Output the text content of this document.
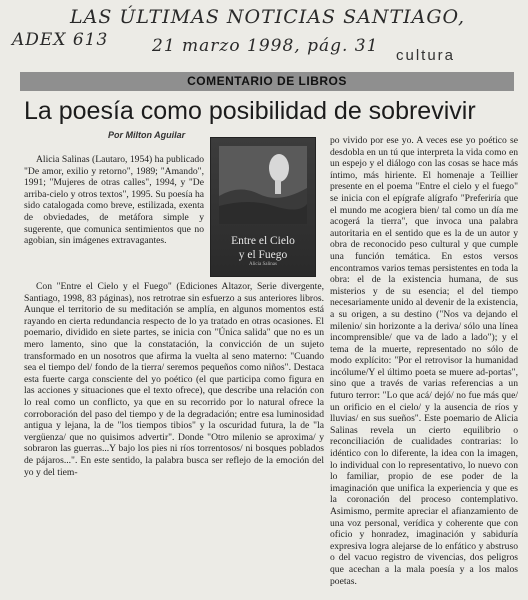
LAS ÚLTIMAS NOTICIAS SANTIAGO,
ADEX 613	21 marzo 1998, pág. 31 cultura
COMENTARIO DE LIBROS
La poesía como posibilidad de sobrevivir
Por Milton Aguilar
Entre el Cielo
y el Fuego
Alicia Salinas

Alicia Salinas (Lautaro, 1954) ha publicado "De amor, exilio y retorno", 1989; "Amando", 1991; "Mujeres de otras calles", 1994, y "De arriba-cielo y otros textos", 1995. Su poesía ha sido catalogada como breve, estilizada, exenta de obviedades, de metáfora simple y sugerente, que comunica sentimientos que no agobian, sin imágenes extravagantes.

Con "Entre el Cielo y el Fuego" (Ediciones Altazor, Serie divergente, Santiago, 1998, 83 páginas), nos retrotrae sin esfuerzo a sus anteriores libros. Aunque el territorio de su meditación se amplía, en algunos momentos está rayando en cierta redundancia respecto de lo ya tratado en otras ocasiones. El poemario, dividido en siete partes, se inicia con "Única salida" que no es un mero lamento, sino que la constatación, la convicción de un sujeto transformado en un nosotros que afirma la vuelta al seno materno: "Cuando sea el tiempo del/ fondo de la tierra/ seremos pequeños como niños". Destaca esta fuerte carga consciente del yo poético (el que participa como figura en las acciones y situaciones que el texto ofrece), que describe una relación con lo real como un conflicto, ya que en su recorrido por lo natural ofrece la corroboración del paso del tiempo y de la degradación; entre esa luminosidad antigua y lejana, la de "los tiempos tibios" y la oscuridad futura, la de "la vergüenza/ que no quisimos advertir". Donde "Otro milenio se aproxima/ y sobraron las guerras...Y bajo los pies ni ríos torrentosos/ ni bosques poblados de pájaros...". En este sentido, la palabra busca ser reflejo de la emoción del yo y del tiem-

po vivido por ese yo. A veces ese yo poético se desdobla en un tú que interpreta la vida como en un espejo y el diálogo con las cosas se hace más íntimo, más hiriente. El homenaje a Teillier presente en el poema "Entre el cielo y el fuego" se inicia con el epígrafe alígrafo "Preferiría que el mundo me acogiera bien/ tal como un día me acogerá la tierra", que invoca una palabra autoritaria en el sentido que es la de un autor y obra de reconocido peso cultural y que cumple una función temática. En estos versos encontramos varios temas persistentes en toda la obra: el de la existencia humana, de sus misterios y de su esencia; el del tiempo necesariamente unido al devenir de la existencia, a su origen, a su destino ("Nos va dejando el milenio/ sin horizonte a la deriva/ sólo una línea incomprensible/ que va de lado a lado"); y el tema de la muerte, representado no sólo de modo explícito: "Por el retrovisor la humanidad incólume/Y el último poeta se muere ad-portas", sino que a través de varias referencias a un futuro terror: "Lo que acá/ dejó/ no fue más que/ un orificio en el cielo/ y la ausencia de ríos y lluvias/ en sus sueños". Este poemario de Alicia Salinas revela un cierto equilibrio o reconciliación de cualidades contrarias: lo idéntico con lo diferente, la idea con la imagen, lo individual con lo representativo, lo nuevo con lo familiar, propio de ese poder de la imaginación que unifica la experiencia y que es la coronación del proceso contemplativo. Asimismo, permite apreciar el afianzamiento de una voz personal, verídica y coherente que con oficio y honradez, imaginación y sabiduría expresiva logra alejarse de lo enfático y abstruso o del vacuo registro de vivencias, dos peligros que acechan a la mala poesía y a los malos poetas.
